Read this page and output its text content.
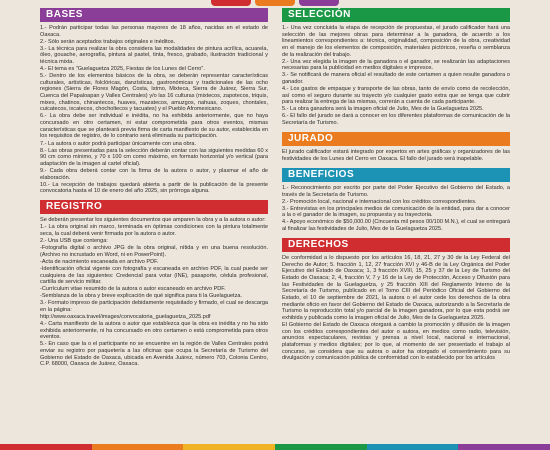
BASES
1.- Podrán participar todas las personas mayores de 18 años, nacidas en el estado de Oaxaca.
2.- Sólo serán aceptados trabajos originales e inéditos.
3.- La técnica para realizar la obra considera las modalidades de pintura acrílica, acuarela, óleo, gouache, aerografía, pintura al pastel, tinta, fresco, grabado, ilustración tradicional y técnica mixta.
4.- El tema es "Guelaguetza 2025, Fiestas de los Lunes del Cerro".
5.- Dentro de los elementos básicos de la obra, se deberán representar características culturales, artísticas, folclóricas, danzísticas, gastronómicas y tradicionales de las ocho regiones (Sierra de Flores Magón, Costa, Istmo, Mixteca, Sierra de Juárez, Sierra Sur, Cuenca del Papaloapan y Valles Centrales) y/o las 16 culturas (mixtecos, zapotecos, triquis, mixes, chatinos, chinantecos, huaves, mazatecos, amuzgos, nahuas, zoques, chontales, cuicatecos, ixcatecos, chocholtecos y tacuates) y el Pueblo Afromexicano.
6.- La obra debe ser individual e inédita, no ha exhibida anteriormente, que no haya concursado en otro certamen, ni estar comprometida para otros eventos, mismas características que se planteará previa firma de carta manifiesto de su autor, establecida en los requisitos de registro, de lo contrario será eliminada su participación.
7.- La autora o autor podrá participar únicamente con una obra.
8.- Las obras presentadas para la selección deberán contar con las siguientes medidas 60 x 90 cm como mínimo, y 70 x 100 cm como máximo, en formato horizontal y/o vertical (para adaptación de la imagen al cartel oficial).
9.- Cada obra deberá contar con la firma de la autora o autor, y plasmar el año de elaboración.
10.- La recepción de trabajos quedará abierta a partir de la publicación de la presente convocatoria hasta el 10 de enero del año 2025, sin prórroga alguna.
REGISTRO
Se deberán presentar los siguientes documentos que amparen la obra y a la autora o autor:
1.- La obra original sin marco, terminada en óptimas condiciones con la pintura totalmente seca, la cual deberá venir firmada por la autora o autor.
2.- Una USB que contenga:
-Fotografía digital o archivo JPG de la obra original, nítida y en una buena resolución. (Archivo no incrustado en Word, ni en PowerPoint).
-Acta de nacimiento escaneada en archivo PDF.
-Identificación oficial vigente con fotografía y escaneada en archivo PDF, la cual puede ser cualquiera de las siguientes: Credencial para votar (INE), pasaporte, cédula profesional, cartilla de servicio militar.
-Currículum vitae resumido de la autora o autor escaneado en archivo PDF.
-Semblanza de la obra y breve explicación de qué significa para ti la Guelaguetza.
3.- Formato impreso de participación debidamente requisitado y firmado, el cual se descarga en la página:
http://www.oaxaca.travel/images/convocatoria_guelaguetza_2025.pdf
4.- Carta manifiesto de la autora o autor que establezca que la obra es inédita y no ha sido exhibida anteriormente, ni ha concursado en otro certamen o está comprometida para otros eventos.
5.- En caso que la o el participante no se encuentre en la región de Valles Centrales podrá enviar su registro por paquetería a las oficinas que ocupa la Secretaría de Turismo del Gobierno del Estado de Oaxaca, ubicada en Avenida Juárez, número 703, Colonia Centro, C.P. 68000, Oaxaca de Juárez, Oaxaca.
SELECCIÓN
1.- Una vez concluida la etapa de recepción de propuestas, el jurado calificador hará una selección de las mejores obras para determinar a la ganadora, de acuerdo a los lineamientos correspondientes a: técnica, originalidad, composición de la obra, creatividad en el manejo de los elementos de composición, materiales pictóricos, reseña o semblanza de la realización del trabajo.
2.- Una vez elegida la imagen de la ganadora o el ganador, se realizarán las adaptaciones necesarias para la publicidad en medios digitales e impresos.
3.- Se notificará de manera oficial el resultado de este certamen a quien resulte ganadora o ganador.
4.- Los gastos de empaque y transporte de las obras, tanto de envío como de recolección, así como el seguro durante su trayecto y/o cualquier gasto extra que se tenga que cubrir para realizar la entrega de las mismas, correrán a cuenta de cada participante.
5.- La obra ganadora será la imagen oficial de Julio, Mes de la Guelaguetza 2025.
6.- El fallo del jurado se dará a conocer en los diferentes plataformas de comunicación de la Secretaría de Turismo.
JURADO
El jurado calificador estará integrado por expertos en artes gráficas y organizadores de las festividades de los Lunes del Cerro en Oaxaca. El fallo del jurado será inapelable.
BENEFICIOS
1.- Reconocimiento por escrito por parte del Poder Ejecutivo del Gobierno del Estado, a través de la Secretaría de Turismo.
2.- Promoción local, nacional e internacional con los créditos correspondientes.
3.- Entrevistas en los principales medios de comunicación de la entidad, para dar a conocer a la o el ganador de la imagen, su propuesta y su trayectoria.
4.- Apoyo económico de $50,000.00 (Cincuenta mil pesos 00/100 M.N.), el cual se entregará al finalizar las festividades de Julio, Mes de la Guelaguetza 2025.
DERECHOS
De conformidad a lo dispuesto por los artículos 16, 18, 21, 27 y 30 de la Ley Federal del Derecho de Autor; 5. fracción 1, 12, 27 fracción XVI y 46-B de la Ley Orgánica del Poder Ejecutivo del Estado de Oaxaca; 1, 3 fracción XVIII, 15, 25 y 37 de la Ley de Turismo del Estado de Oaxaca; 2, 4, fracción V, 7 y 16 de la Ley de Protección, Acceso y Difusión para las Festividades de la Guelaguetza, y 25 fracción XIII del Reglamento Interno de la Secretaría de Turismo, publicado en el Tomo CIII del Periódico Oficial del Gobierno del Estado, el 10 de septiembre de 2021, la autora o el autor cede los derechos de la obra mediante oficio en favor del Gobierno del Estado de Oaxaca, autorizando a la Secretaría de Turismo la reproducción total y/o parcial de la imagen ganadora, por lo que esta podrá ser exhibida y publicada como la imagen oficial de Julio, Mes de la Guelaguetza 2025.
El Gobierno del Estado de Oaxaca otorgará a cambio la promoción y difusión de la imagen con los créditos correspondientes del autor o autora, en medios como radio, televisión, anuncios espectaculares, revistas y prensa a nivel local, nacional e internacional, plataformas y medios digitales; por lo que, al momento de ser presentado el trabajo al concurso, se considera que su autora o autor ha otorgado el consentimiento para su divulgación y comunicación pública de conformidad con lo establecido por los artículos
